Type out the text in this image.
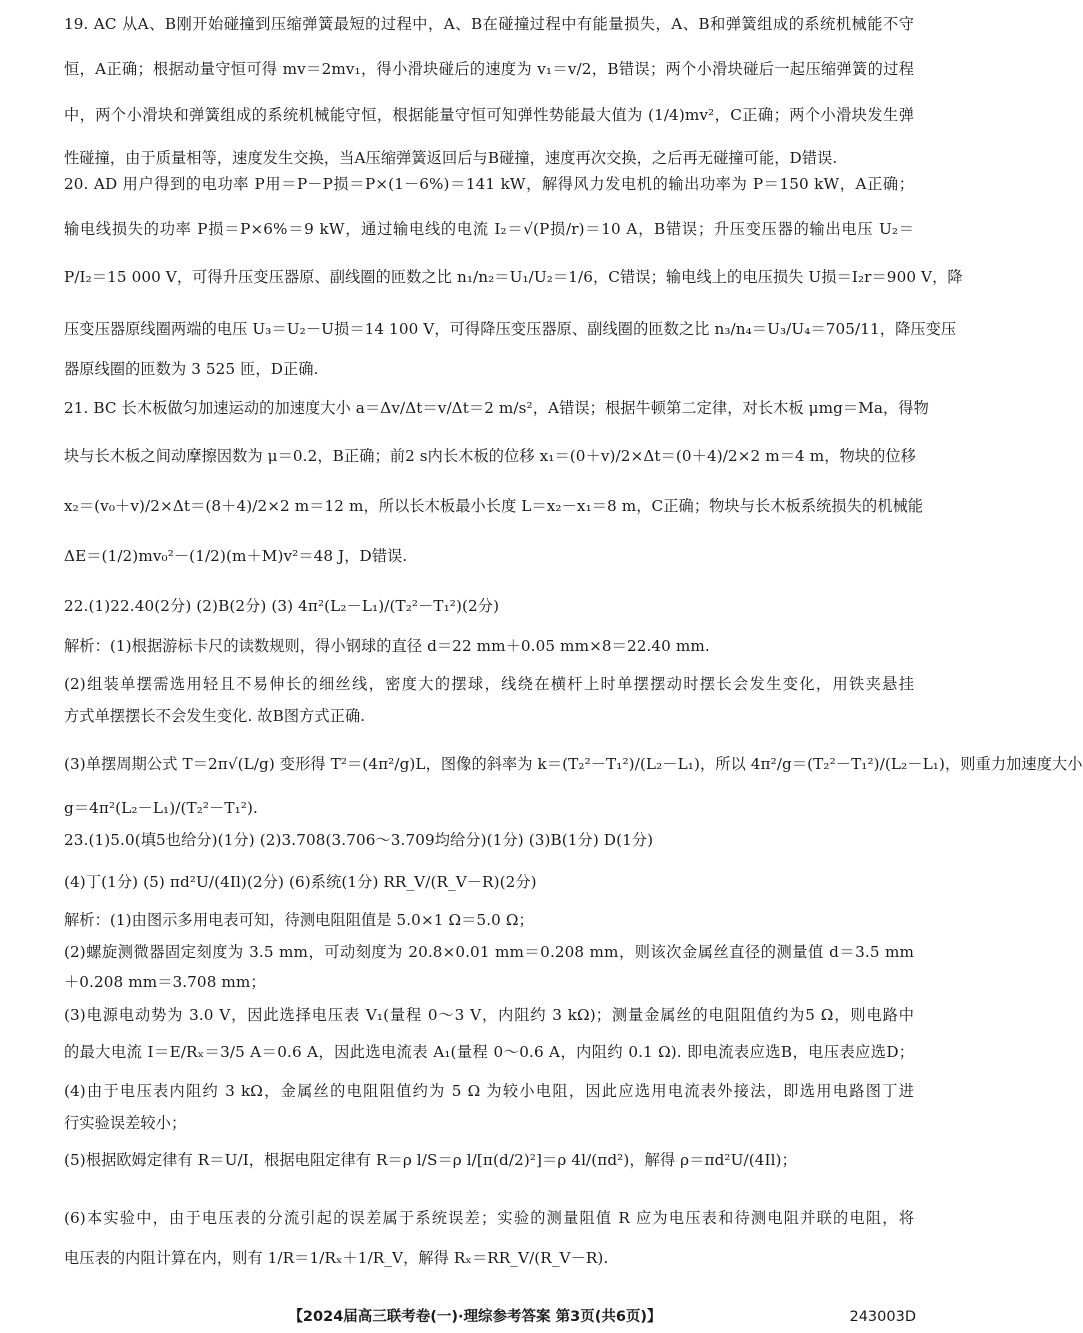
19. AC 从A、B刚开始碰撞到压缩弹簧最短的过程中，A、B在碰撞过程中有能量损失，A、B和弹簧组成的系统机械能不守
恒，A正确；根据动量守恒可得 mv＝2mv₁，得小滑块碰后的速度为 v₁＝v/2，B错误；两个小滑块碰后一起压缩弹簧的过程
中，两个小滑块和弹簧组成的系统机械能守恒，根据能量守恒可知弹性势能最大值为 (1/4)mv²，C正确；两个小滑块发生弹
性碰撞，由于质量相等，速度发生交换，当A压缩弹簧返回后与B碰撞，速度再次交换，之后再无碰撞可能，D错误.
20. AD 用户得到的电功率 P用＝P－P损＝P×(1－6%)＝141 kW，解得风力发电机的输出功率为 P＝150 kW，A正确；
输电线损失的功率 P损＝P×6%＝9 kW，通过输电线的电流 I₂＝√(P损/r)＝10 A，B错误；升压变压器的输出电压 U₂＝
P/I₂＝15 000 V，可得升压变压器原、副线圈的匝数之比 n₁/n₂＝U₁/U₂＝1/6，C错误；输电线上的电压损失 U损＝I₂r＝900 V，降
压变压器原线圈两端的电压 U₃＝U₂－U损＝14 100 V，可得降压变压器原、副线圈的匝数之比 n₃/n₄＝U₃/U₄＝705/11，降压变压
器原线圈的匝数为 3 525 匝，D正确.
21. BC 长木板做匀加速运动的加速度大小 a＝Δv/Δt＝v/Δt＝2 m/s²，A错误；根据牛顿第二定律，对长木板 μmg＝Ma，得物
块与长木板之间动摩擦因数为 μ＝0.2，B正确；前2 s内长木板的位移 x₁＝(0＋v)/2×Δt＝(0＋4)/2×2 m＝4 m，物块的位移
x₂＝(v₀＋v)/2×Δt＝(8＋4)/2×2 m＝12 m，所以长木板最小长度 L＝x₂－x₁＝8 m，C正确；物块与长木板系统损失的机械能
ΔE＝(1/2)mv₀²－(1/2)(m＋M)v²＝48 J，D错误.
22.(1)22.40(2分) (2)B(2分) (3) 4π²(L₂－L₁)/(T₂²－T₁²)(2分)
解析：(1)根据游标卡尺的读数规则，得小钢球的直径 d＝22 mm＋0.05 mm×8＝22.40 mm.
(2)组装单摆需选用轻且不易伸长的细丝线，密度大的摆球，线绕在横杆上时单摆摆动时摆长会发生变化，用铁夹悬挂
方式单摆摆长不会发生变化. 故B图方式正确.
(3)单摆周期公式 T＝2π√(L/g) 变形得 T²＝(4π²/g)L，图像的斜率为 k＝(T₂²－T₁²)/(L₂－L₁)，所以 4π²/g＝(T₂²－T₁²)/(L₂－L₁)，则重力加速度大小
g＝4π²(L₂－L₁)/(T₂²－T₁²).
23.(1)5.0(填5也给分)(1分) (2)3.708(3.706～3.709均给分)(1分) (3)B(1分) D(1分)
(4)丁(1分) (5) πd²U/(4Il)(2分) (6)系统(1分) RR_V/(R_V－R)(2分)
解析：(1)由图示多用电表可知，待测电阻阻值是 5.0×1 Ω＝5.0 Ω；
(2)螺旋测微器固定刻度为 3.5 mm，可动刻度为 20.8×0.01 mm＝0.208 mm，则该次金属丝直径的测量值 d＝3.5 mm
＋0.208 mm＝3.708 mm；
(3)电源电动势为 3.0 V，因此选择电压表 V₁(量程 0～3 V，内阻约 3 kΩ)；测量金属丝的电阻阻值约为5 Ω，则电路中
的最大电流 I＝E/Rₓ＝3/5 A＝0.6 A，因此选电流表 A₁(量程 0～0.6 A，内阻约 0.1 Ω). 即电流表应选B，电压表应选D；
(4)由于电压表内阻约 3 kΩ，金属丝的电阻阻值约为 5 Ω 为较小电阻，因此应选用电流表外接法，即选用电路图丁进
行实验误差较小；
(5)根据欧姆定律有 R＝U/I，根据电阻定律有 R＝ρ l/S＝ρ l/[π(d/2)²]＝ρ 4l/(πd²)，解得 ρ＝πd²U/(4Il)；
(6)本实验中，由于电压表的分流引起的误差属于系统误差；实验的测量阻值 R 应为电压表和待测电阻并联的电阻，将
电压表的内阻计算在内，则有 1/R＝1/Rₓ＋1/R_V，解得 Rₓ＝RR_V/(R_V－R).
【2024届高三联考卷(一)·理综参考答案 第3页(共6页)】	243003D
